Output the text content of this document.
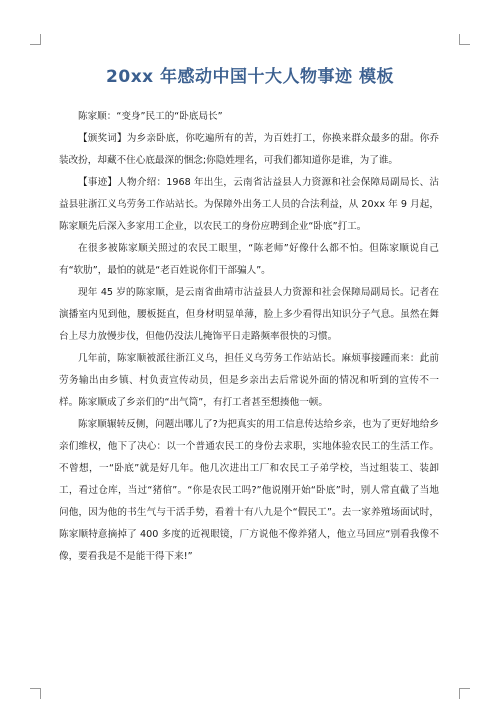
20xx 年感动中国十大人物事迹 模板

陈家顺：“变身”民工的“卧底局长”

【颁奖词】为乡亲卧底，你吃遍所有的苦，为百姓打工，你换来群众最多的甜。你乔装改扮，却藏不住心底最深的悃念;你隐姓埋名，可我们都知道你是谁，为了谁。

【事迹】人物介绍：1968 年出生，云南省沾益县人力资源和社会保障局副局长、沾益县驻浙江义乌劳务工作站站长。为保障外出务工人员的合法利益，从 20xx 年 9 月起，陈家顺先后深入多家用工企业，以农民工的身份应聘到企业“卧底”打工。

在很多被陈家顺关照过的农民工眼里，“陈老师”好像什么都不怕。但陈家顺说自己有“软肋”，最怕的就是“老百姓说你们干部骗人”。

现年 45 岁的陈家顺，是云南省曲靖市沾益县人力资源和社会保障局副局长。记者在演播室内见到他，腰板挺直，但身材明显单薄，脸上多少看得出知识分子气息。虽然在舞台上尽力放慢步伐，但他仍没法儿掩饰平日走路频率很快的习惯。

几年前，陈家顺被派往浙江义乌，担任义乌劳务工作站站长。麻烦事接踵而来：此前劳务输出由乡镇、村负责宣传动员，但是乡亲出去后常说外面的情况和听到的宣传不一样。陈家顺成了乡亲们的“出气筒”，有打工者甚至想揍他一顿。

陈家顺辗转反侧，问题出哪儿了?为把真实的用工信息传达给乡亲，也为了更好地给乡亲们维权，他下了决心：以一个普通农民工的身份去求职，实地体验农民工的生活工作。 不曾想，一“卧底”就是好几年。他几次进出工厂和农民工子弟学校，当过组装工、装卸工，看过仓库，当过“猪倌”。“你是农民工吗?”他说刚开始“卧底”时，别人常直截了当地问他，因为他的书生气与干活手势，看着十有八九是个“假民工”。去一家养殖场面试时，陈家顺特意摘掉了 400 多度的近视眼镜，厂方说他不像养猪人，他立马回应“别看我像不像，要看我是不是能干得下来!”
